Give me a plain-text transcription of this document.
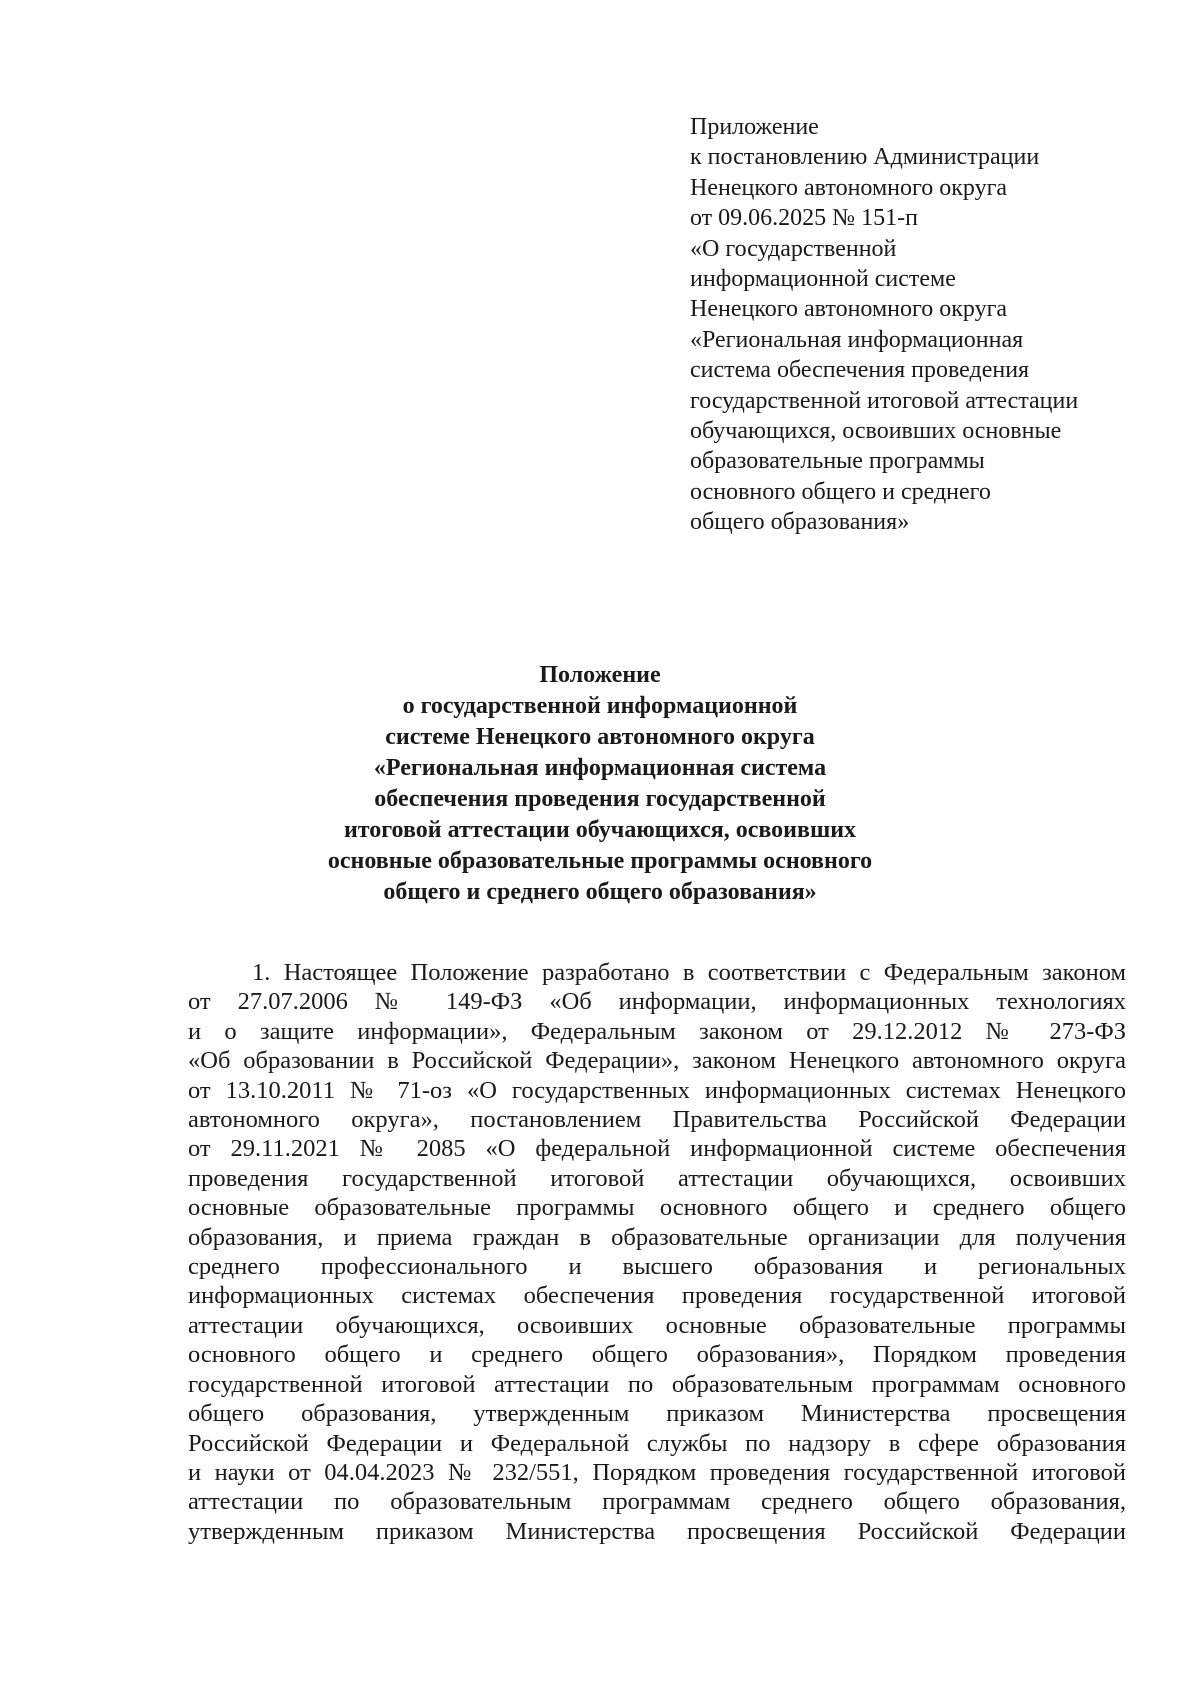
Приложение
к постановлению Администрации
Ненецкого автономного округа
от 09.06.2025 № 151-п
«О государственной
информационной системе
Ненецкого автономного округа
«Региональная информационная
система обеспечения проведения
государственной итоговой аттестации
обучающихся, освоивших основные
образовательные программы
основного общего и среднего
общего образования»
Положение
о государственной информационной
системе Ненецкого автономного округа
«Региональная информационная система
обеспечения проведения государственной
итоговой аттестации обучающихся, освоивших
основные образовательные программы основного
общего и среднего общего образования»
1. Настоящее Положение разработано в соответствии с Федеральным законом
от 27.07.2006 № 149-ФЗ «Об информации, информационных технологиях
и о защите информации», Федеральным законом от 29.12.2012 № 273-ФЗ
«Об образовании в Российской Федерации», законом Ненецкого автономного округа
от 13.10.2011 № 71-оз «О государственных информационных системах Ненецкого
автономного округа», постановлением Правительства Российской Федерации
от 29.11.2021 № 2085 «О федеральной информационной системе обеспечения
проведения государственной итоговой аттестации обучающихся, освоивших
основные образовательные программы основного общего и среднего общего
образования, и приема граждан в образовательные организации для получения
среднего профессионального и высшего образования и региональных
информационных системах обеспечения проведения государственной итоговой
аттестации обучающихся, освоивших основные образовательные программы
основного общего и среднего общего образования», Порядком проведения
государственной итоговой аттестации по образовательным программам основного
общего образования, утвержденным приказом Министерства просвещения
Российской Федерации и Федеральной службы по надзору в сфере образования
и науки от 04.04.2023 № 232/551, Порядком проведения государственной итоговой
аттестации по образовательным программам среднего общего образования,
утвержденным приказом Министерства просвещения Российской Федерации
